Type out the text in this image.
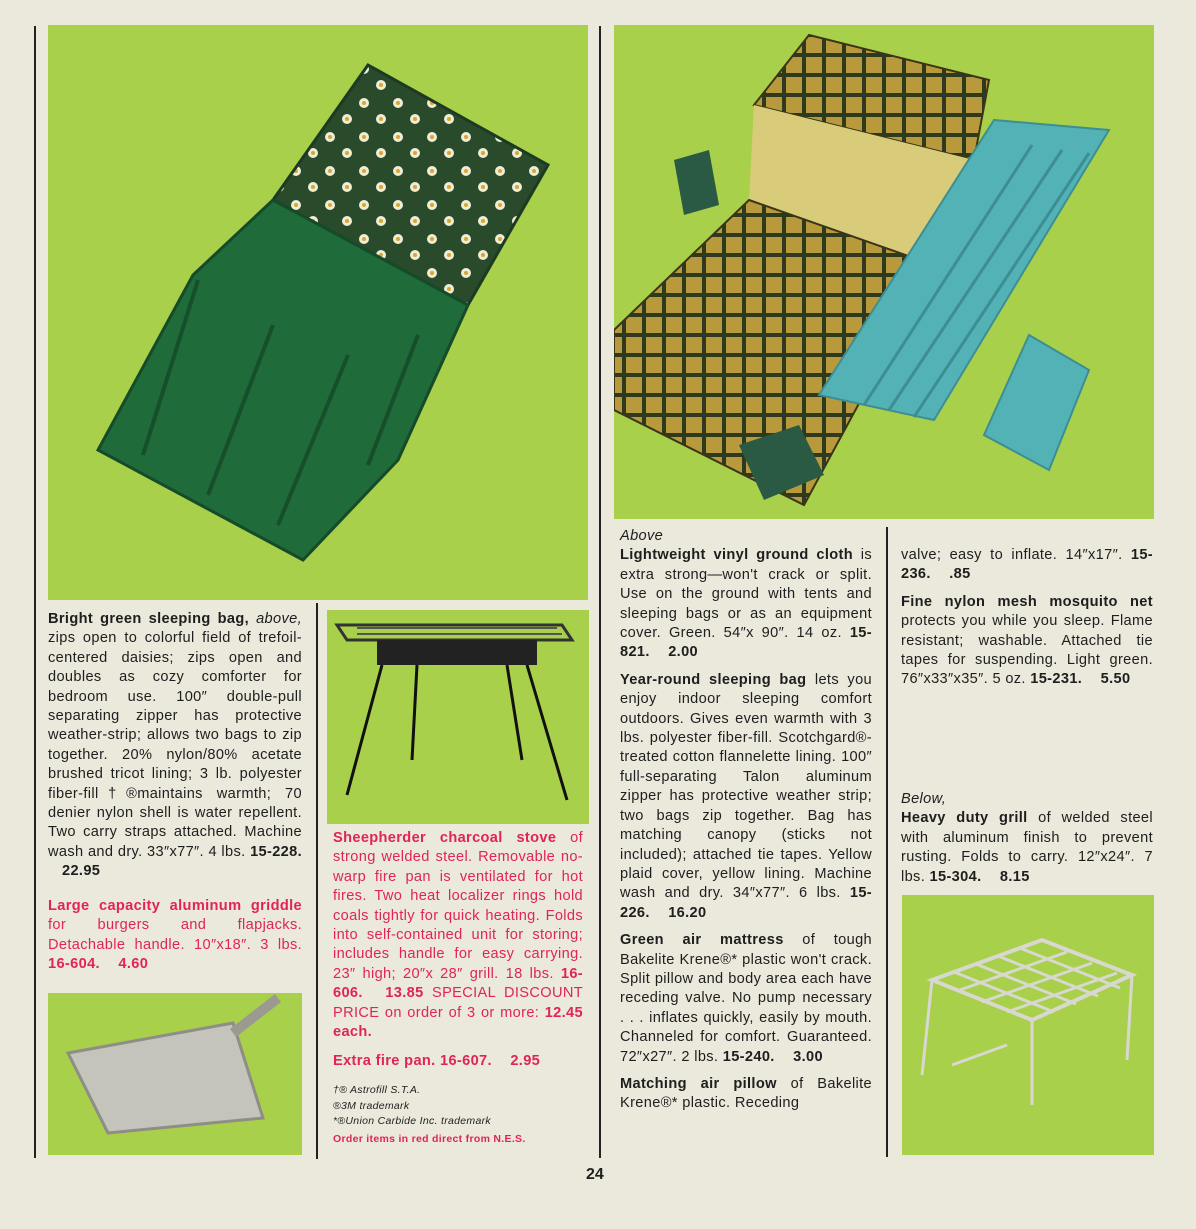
Bright green sleeping bag, above, zips open to colorful field of trefoil-centered daisies; zips open and doubles as cozy comforter for bedroom use. 100″ double-pull separating zipper has protective weather-strip; allows two bags to zip together. 20% nylon/80% acetate brushed tricot lining; 3 lb. polyester fiber-fill†®maintains warmth; 70 denier nylon shell is water repellent. Two carry straps attached. Machine wash and dry. 33″x77″. 4 lbs. 15-228. 22.95

Large capacity aluminum griddle for burgers and flapjacks. Detachable handle. 10″x18″. 3 lbs. 16-604. 4.60

Sheepherder charcoal stove of strong welded steel. Removable no-warp fire pan is ventilated for hot fires. Two heat localizer rings hold coals tightly for quick heating. Folds into self-contained unit for storing; includes handle for easy carrying. 23″ high; 20″x 28″ grill. 18 lbs. 16-606. 13.85 SPECIAL DISCOUNT PRICE on order of 3 or more: 12.45 each.

Extra fire pan. 16-607. 2.95

†® Astrofill S.T.A.
®3M trademark
*®Union Carbide Inc. trademark
Order items in red direct from N.E.S.

Above

Lightweight vinyl ground cloth is extra strong—won't crack or split. Use on the ground with tents and sleeping bags or as an equipment cover. Green. 54″x 90″. 14 oz. 15-821. 2.00

Year-round sleeping bag lets you enjoy indoor sleeping comfort outdoors. Gives even warmth with 3 lbs. polyester fiber-fill. Scotchgard®-treated cotton flannelette lining. 100″ full-separating Talon aluminum zipper has protective weather strip; two bags zip together. Bag has matching canopy (sticks not included); attached tie tapes. Yellow plaid cover, yellow lining. Machine wash and dry. 34″x77″. 6 lbs. 15-226. 16.20

Green air mattress of tough Bakelite Krene®* plastic won't crack. Split pillow and body area each have receding valve. No pump necessary . . . inflates quickly, easily by mouth. Channeled for comfort. Guaranteed. 72″x27″. 2 lbs. 15-240. 3.00

Matching air pillow of Bakelite Krene®* plastic. Receding

valve; easy to inflate. 14″x17″. 15-236. .85

Fine nylon mesh mosquito net protects you while you sleep. Flame resistant; washable. Attached tie tapes for suspending. Light green. 76″x33″x35″. 5 oz. 15-231. 5.50

Below,

Heavy duty grill of welded steel with aluminum finish to prevent rusting. Folds to carry. 12″x24″. 7 lbs. 15-304. 8.15

24
